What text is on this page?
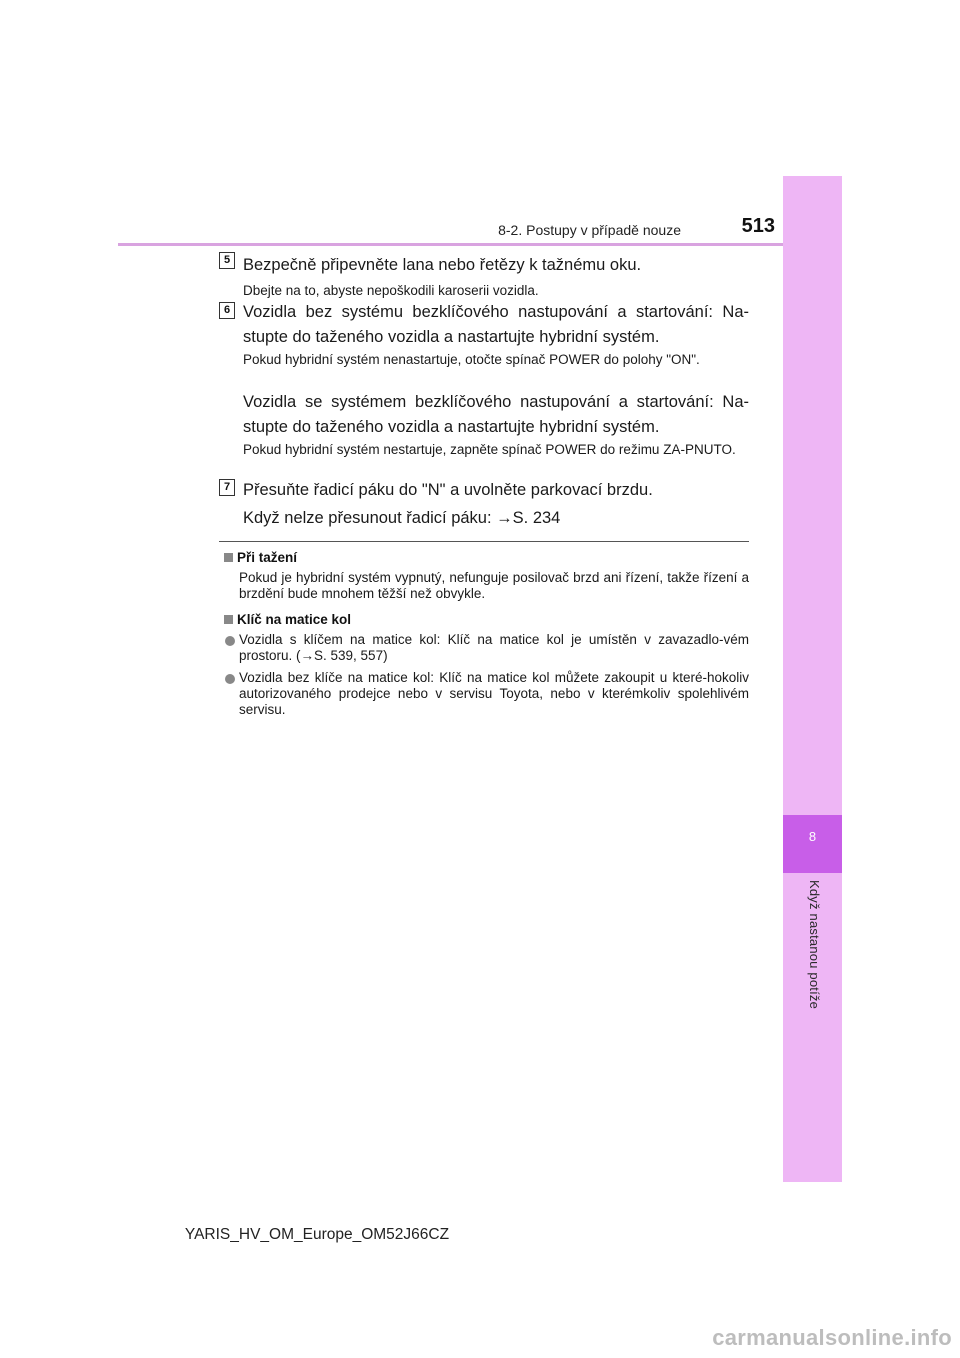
8-2. Postupy v případě nouze	513
8
Když nastanou potíže
5 Bezpečně připevněte lana nebo řetězy k tažnému oku.
Dbejte na to, abyste nepoškodili karoserii vozidla.
6 Vozidla bez systému bezklíčového nastupování a startování: Na-stupte do taženého vozidla a nastartujte hybridní systém.
Pokud hybridní systém nenastartuje, otočte spínač POWER do polohy "ON".
Vozidla se systémem bezklíčového nastupování a startování: Na-stupte do taženého vozidla a nastartujte hybridní systém.
Pokud hybridní systém nestartuje, zapněte spínač POWER do režimu ZA-PNUTO.
7 Přesuňte řadicí páku do "N" a uvolněte parkovací brzdu.
Když nelze přesunout řadicí páku: →S. 234
Při tažení
Pokud je hybridní systém vypnutý, nefunguje posilovač brzd ani řízení, takže řízení a brzdění bude mnohem těžší než obvykle.
Klíč na matice kol
Vozidla s klíčem na matice kol: Klíč na matice kol je umístěn v zavazadlo-vém prostoru. (→S. 539, 557)
Vozidla bez klíče na matice kol: Klíč na matice kol můžete zakoupit u které-hokoliv autorizovaného prodejce nebo v servisu Toyota, nebo v kterémkoliv spolehlivém servisu.
YARIS_HV_OM_Europe_OM52J66CZ
carmanualsonline.info
